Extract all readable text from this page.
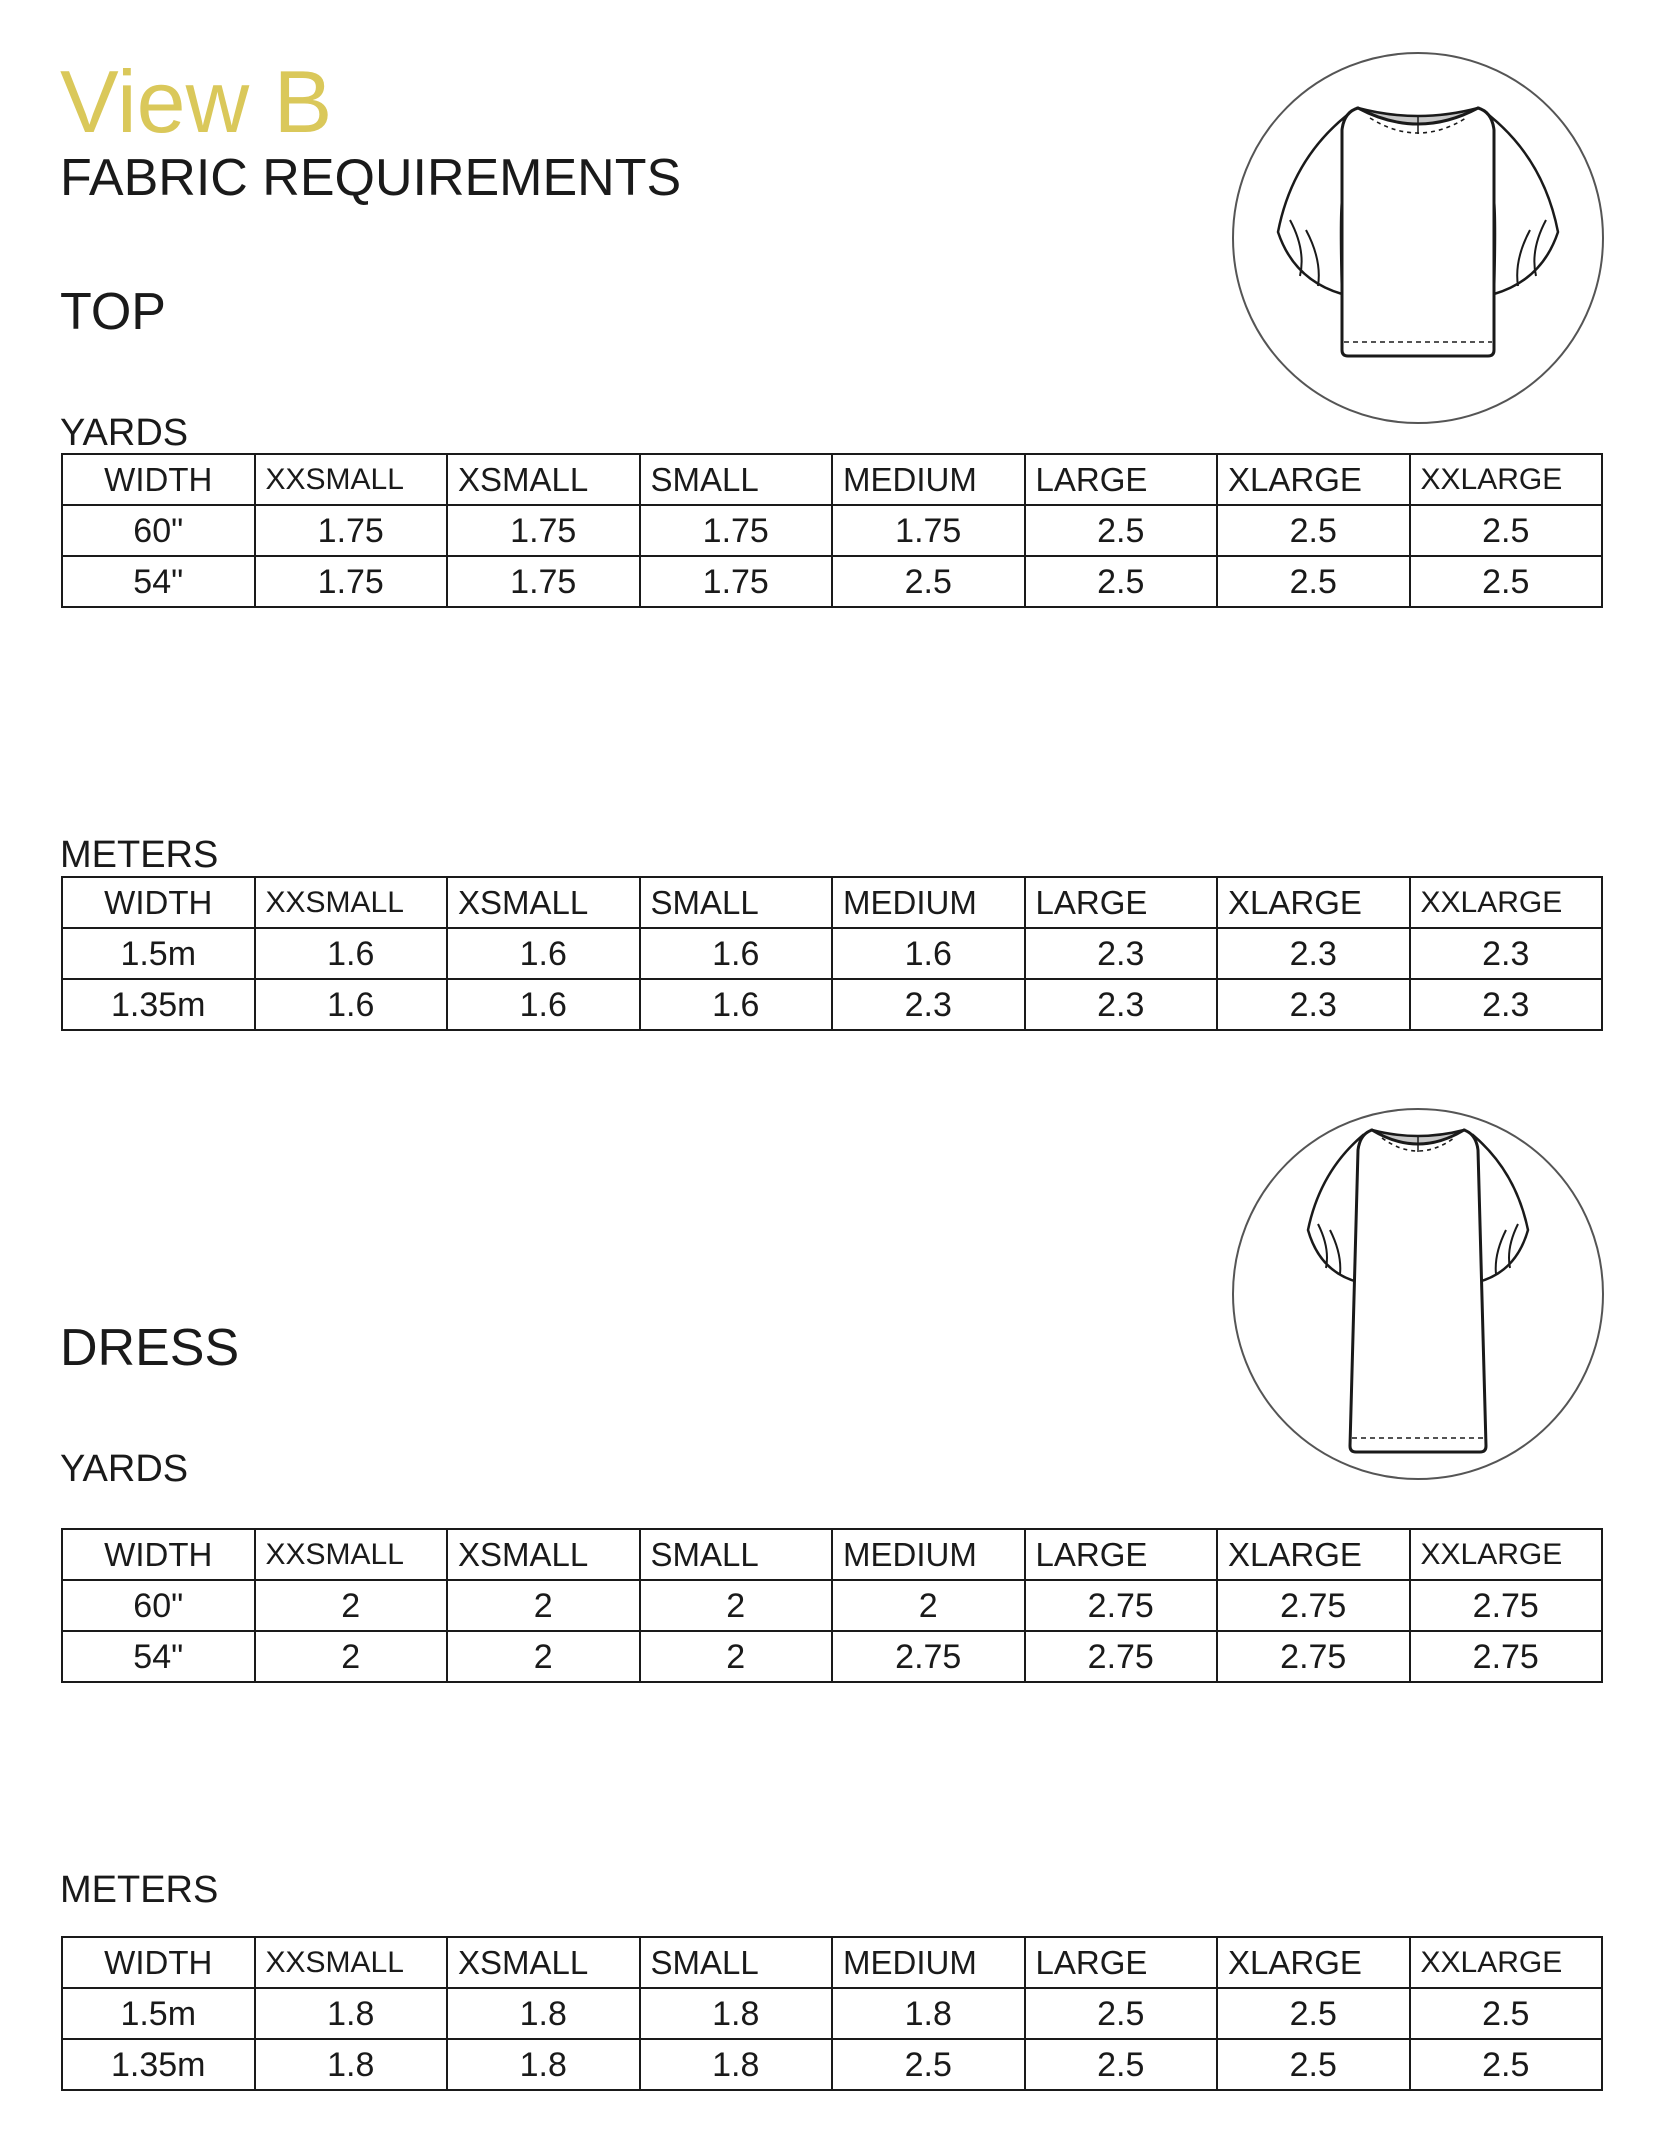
View B
FABRIC REQUIREMENTS
TOP
YARDS
WIDTH	XXSMALL	XSMALL	SMALL	MEDIUM	LARGE	XLARGE	XXLARGE
60"	1.75	1.75	1.75	1.75	2.5	2.5	2.5
54"	1.75	1.75	1.75	2.5	2.5	2.5	2.5
METERS
WIDTH	XXSMALL	XSMALL	SMALL	MEDIUM	LARGE	XLARGE	XXLARGE
1.5m	1.6	1.6	1.6	1.6	2.3	2.3	2.3
1.35m	1.6	1.6	1.6	2.3	2.3	2.3	2.3
DRESS
YARDS
WIDTH	XXSMALL	XSMALL	SMALL	MEDIUM	LARGE	XLARGE	XXLARGE
60"	2	2	2	2	2.75	2.75	2.75
54"	2	2	2	2.75	2.75	2.75	2.75
METERS
WIDTH	XXSMALL	XSMALL	SMALL	MEDIUM	LARGE	XLARGE	XXLARGE
1.5m	1.8	1.8	1.8	1.8	2.5	2.5	2.5
1.35m	1.8	1.8	1.8	2.5	2.5	2.5	2.5
